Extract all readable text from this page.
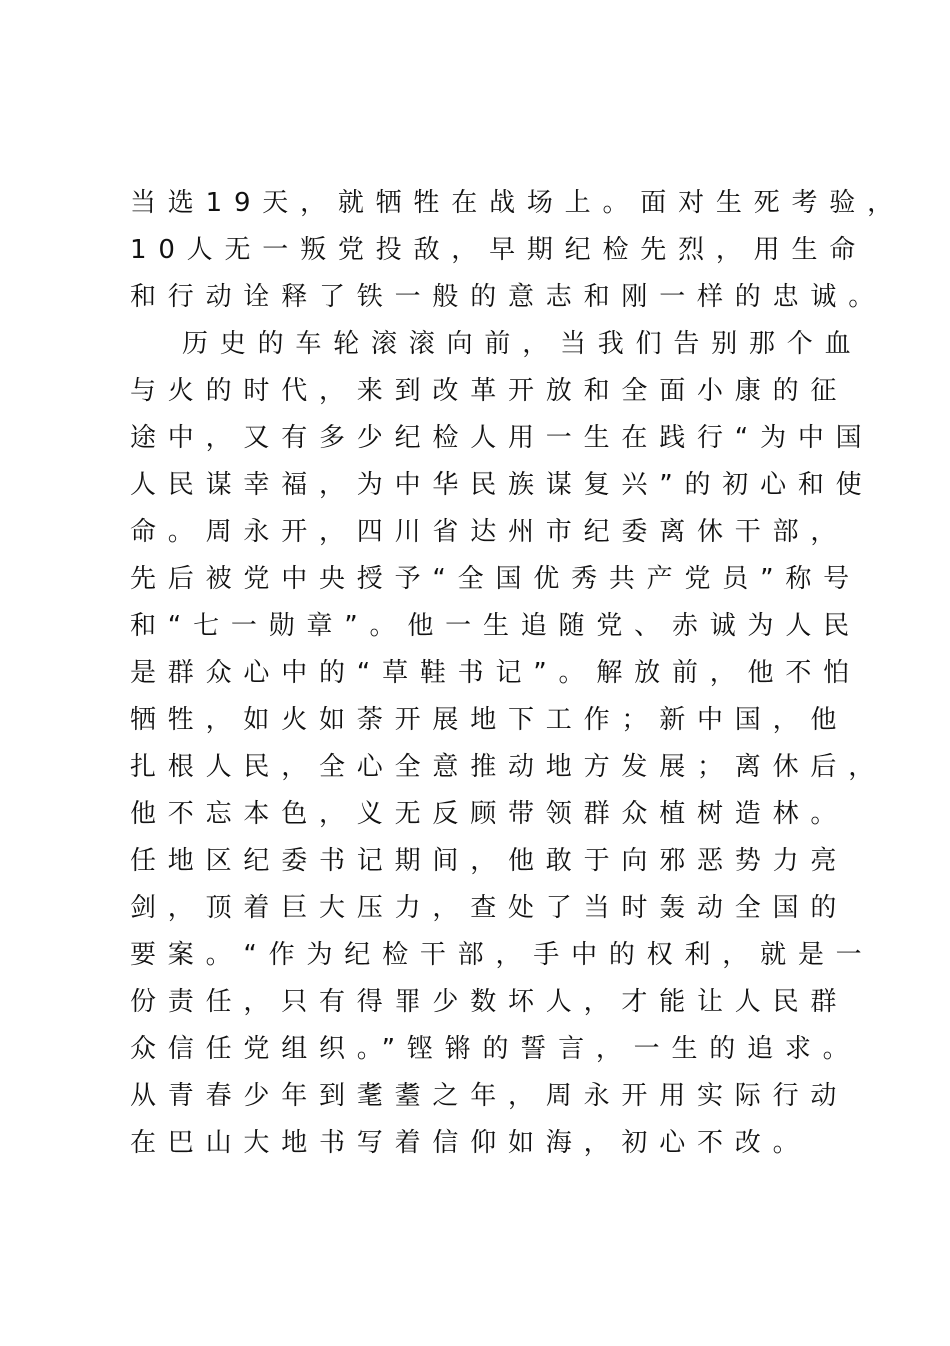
当选19天，就牺牲在战场上。面对生死考验，
10人无一叛党投敌，早期纪检先烈，用生命
和行动诠释了铁一般的意志和刚一样的忠诚。
历史的车轮滚滚向前，当我们告别那个血
与火的时代，来到改革开放和全面小康的征
途中，又有多少纪检人用一生在践行“为中国
人民谋幸福，为中华民族谋复兴”的初心和使
命。周永开，四川省达州市纪委离休干部，
先后被党中央授予“全国优秀共产党员”称号
和“七一勋章”。他一生追随党、赤诚为人民
是群众心中的“草鞋书记”。解放前，他不怕
牺牲，如火如荼开展地下工作；新中国，他
扎根人民，全心全意推动地方发展；离休后，
他不忘本色，义无反顾带领群众植树造林。
任地区纪委书记期间，他敢于向邪恶势力亮
剑，顶着巨大压力，查处了当时轰动全国的
要案。“作为纪检干部，手中的权利，就是一
份责任，只有得罪少数坏人，才能让人民群
众信任党组织。”铿锵的誓言，一生的追求。
从青春少年到耄耋之年，周永开用实际行动
在巴山大地书写着信仰如海，初心不改。
